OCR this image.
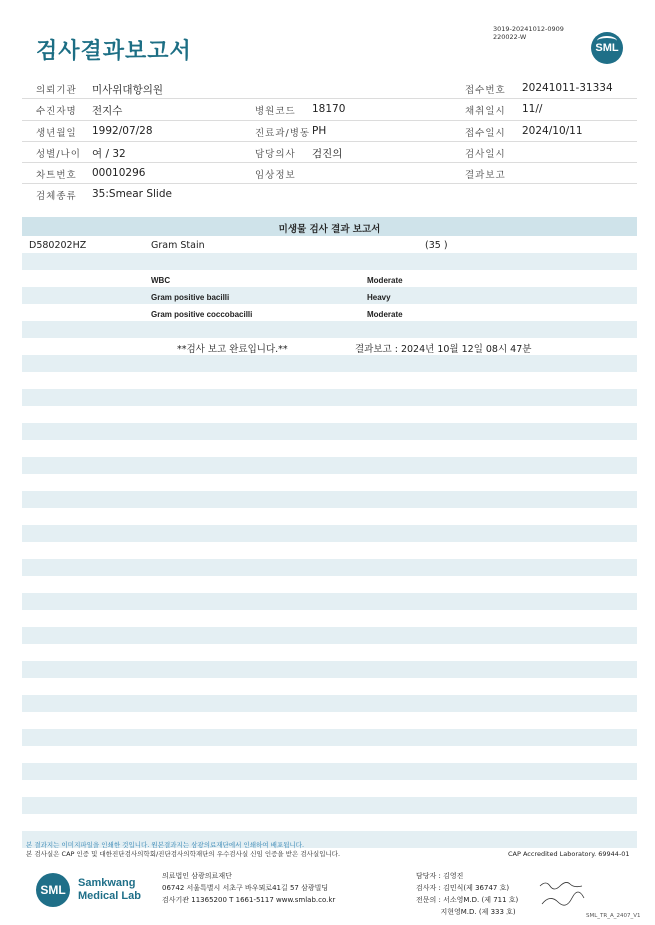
검사결과보고서
3019-20241012-0909
220022-W
SML
의뢰기관 미사위대항의원	접수번호 20241011-31334
수진자명 전지수	병원코드 18170	채취일시 11//
생년월일 1992/07/28	진료과/병동 PH	접수일시 2024/10/11
성별/나이 여 / 32	담당의사 검진의	검사일시
차트번호 00010296	임상정보	결과보고
검체종류 35:Smear Slide
미생물 검사 결과 보고서
D580202HZ	Gram Stain	(35 )
WBC	Moderate
Gram positive bacilli	Heavy
Gram positive coccobacilli	Moderate
**검사 보고 완료입니다.**	결과보고 : 2024년 10월 12일 08시 47분
본 결과지는 이미지파일을 인쇄한 것입니다. 원본결과지는 삼광의료재단에서 인쇄하여 배포됩니다.
본 검사실은 CAP 인증 및 대한진단검사의학회/진단검사의학재단의 우수검사실 신임 인증을 받은 검사실입니다.	CAP Accredited Laboratory. 69944-01
SML	Samkwang
Medical Lab
의료법인 삼광의료재단
06742 서울특별시 서초구 바우뫼로41길 57 삼광빌딩
검사기관 11365200 T 1661-5117 www.smlab.co.kr
담당자 : 김영진
검사자 : 김민식(제 36747 호)
전문의 : 서소영M.D. (제 711 호)
지현영M.D. (제 333 호)	SML_TR_A_2407_V1
